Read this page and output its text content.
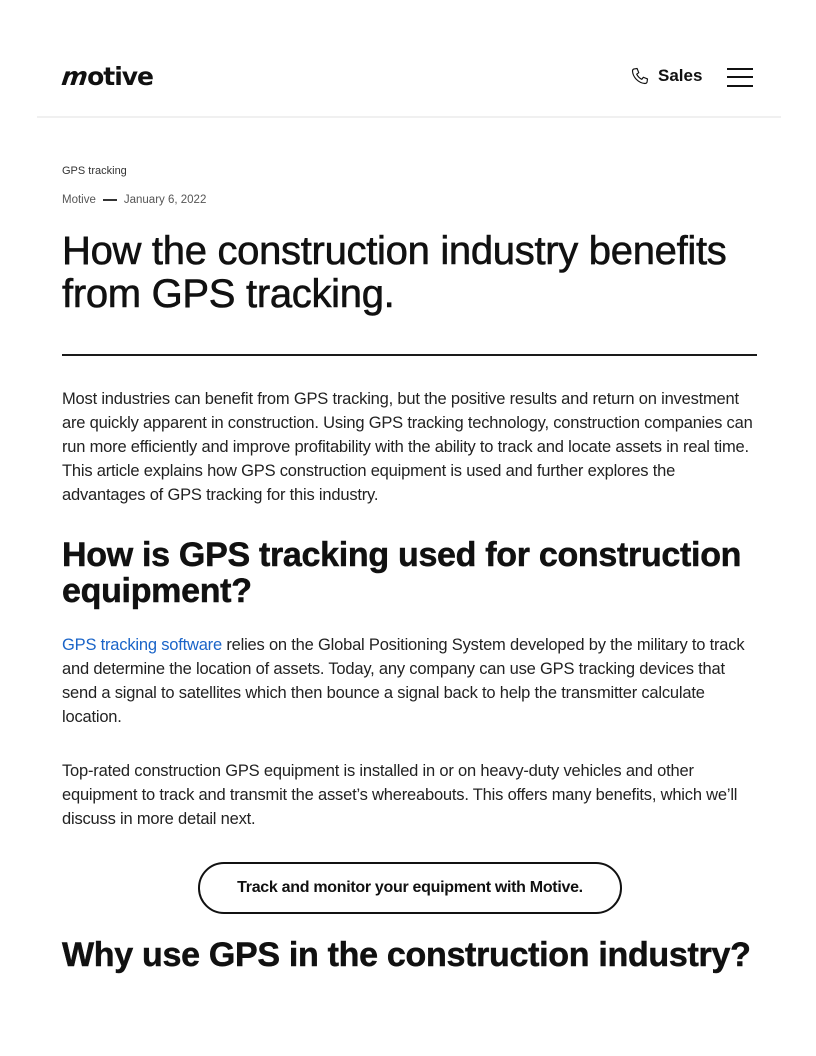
motive	Sales
GPS tracking
Motive January 6, 2022
How the construction industry benefits from GPS tracking.

Most industries can benefit from GPS tracking, but the positive results and return on investment are quickly apparent in construction. Using GPS tracking technology, construction companies can run more efficiently and improve profitability with the ability to track and locate assets in real time. This article explains how GPS construction equipment is used and further explores the advantages of GPS tracking for this industry.

How is GPS tracking used for construction equipment?

GPS tracking software relies on the Global Positioning System developed by the military to track and determine the location of assets. Today, any company can use GPS tracking devices that send a signal to satellites which then bounce a signal back to help the transmitter calculate location.

Top-rated construction GPS equipment is installed in or on heavy-duty vehicles and other equipment to track and transmit the asset’s whereabouts. This offers many benefits, which we’ll discuss in more detail next.

Track and monitor your equipment with Motive.
Why use GPS in the construction industry?
